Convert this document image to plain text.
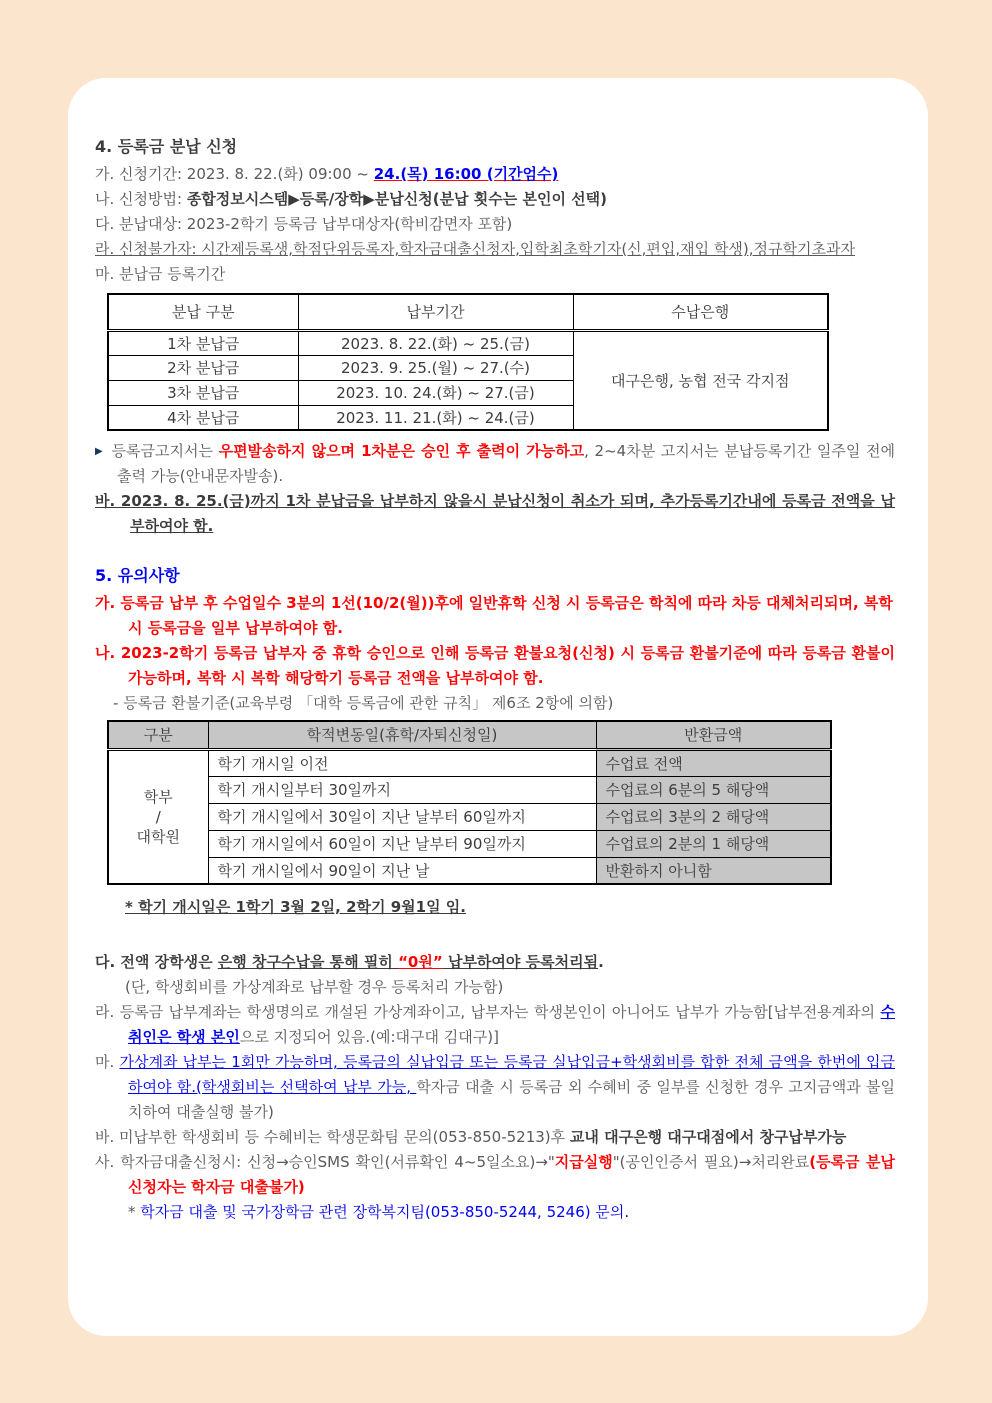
4. 등록금 분납 신청

가. 신청기간: 2023. 8. 22.(화) 09:00 ~ 24.(목) 16:00 (기간엄수)

나. 신청방법: 종합정보시스템▶등록/장학▶분납신청(분납 횟수는 본인이 선택)

다. 분납대상: 2023-2학기 등록금 납부대상자(학비감면자 포함)

라. 신청불가자: 시간제등록생,학점단위등록자,학자금대출신청자,입학최초학기자(신,편입,재입 학생),정규학기초과자

마. 분납금 등록기간

분납 구분	납부기간	수납은행
1차 분납금	2023. 8. 22.(화) ~ 25.(금)	대구은행, 농협 전국 각지점
2차 분납금	2023. 9. 25.(월) ~ 27.(수)	
3차 분납금	2023. 10. 24.(화) ~ 27.(금)	
4차 분납금	2023. 11. 21.(화) ~ 24.(금)	

▶ 등록금고지서는 우편발송하지 않으며 1차분은 승인 후 출력이 가능하고, 2~4차분 고지서는 분납등록기간 일주일 전에 출력 가능(안내문자발송).

바. 2023. 8. 25.(금)까지 1차 분납금을 납부하지 않을시 분납신청이 취소가 되며, 추가등록기간내에 등록금 전액을 납부하여야 함.

5. 유의사항

가. 등록금 납부 후 수업일수 3분의 1선(10/2(월))후에 일반휴학 신청 시 등록금은 학칙에 따라 차등 대체처리되며, 복학 시 등록금을 일부 납부하여야 함.

나. 2023-2학기 등록금 납부자 중 휴학 승인으로 인해 등록금 환불요청(신청) 시 등록금 환불기준에 따라 등록금 환불이 가능하며, 복학 시 복학 해당학기 등록금 전액을 납부하여야 함.

- 등록금 환불기준(교육부령 「대학 등록금에 관한 규칙」 제6조 2항에 의함)

구분	학적변동일(휴학/자퇴신청일)	반환금액

학부
/
대학원	학기 개시일 이전	수업료 전액
	학기 개시일부터 30일까지	수업료의 6분의 5 해당액
	학기 개시일에서 30일이 지난 날부터 60일까지	수업료의 3분의 2 해당액
	학기 개시일에서 60일이 지난 날부터 90일까지	수업료의 2분의 1 해당액
	학기 개시일에서 90일이 지난 날	반환하지 아니함

* 학기 개시일은 1학기 3월 2일, 2학기 9월1일 임.

다. 전액 장학생은 은행 창구수납을 통해 필히 “0원” 납부하여야 등록처리됨.

(단, 학생회비를 가상계좌로 납부할 경우 등록처리 가능함)

라. 등록금 납부계좌는 학생명의로 개설된 가상계좌이고, 납부자는 학생본인이 아니어도 납부가 가능함[납부전용계좌의 수취인은 학생 본인으로 지정되어 있음.(예:대구대 김대구)]

마. 가상계좌 납부는 1회만 가능하며, 등록금의 실납입금 또는 등록금 실납입금+학생회비를 합한 전체 금액을 한번에 입금하여야 함.(학생회비는 선택하여 납부 가능, 학자금 대출 시 등록금 외 수혜비 중 일부를 신청한 경우 고지금액과 불일치하여 대출실행 불가)

바. 미납부한 학생회비 등 수혜비는 학생문화팀 문의(053-850-5213)후 교내 대구은행 대구대점에서 창구납부가능

사. 학자금대출신청시: 신청→승인SMS 확인(서류확인 4~5일소요)→"지급실행"(공인인증서 필요)→처리완료(등록금 분납신청자는 학자금 대출불가)

* 학자금 대출 및 국가장학금 관련 장학복지팀(053-850-5244, 5246) 문의.
